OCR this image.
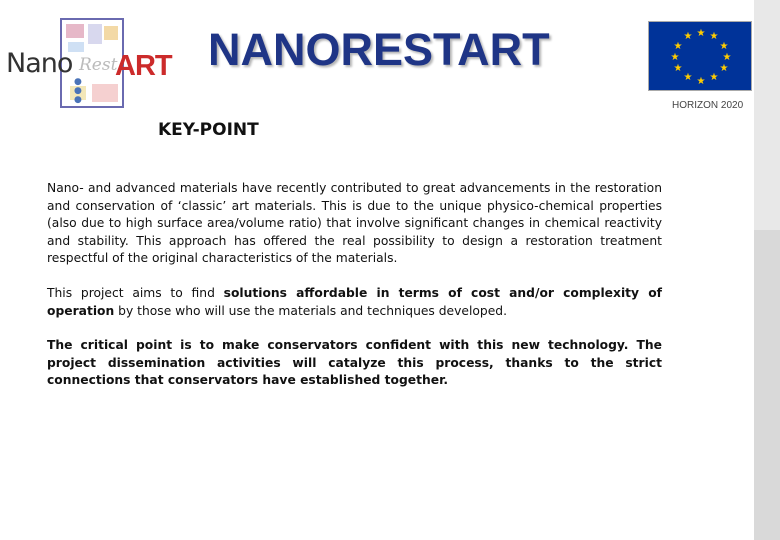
Nano Rest
ART
●
●
●
NANORESTART	★ ★
★
★
★
★
★
★
★
★
★
★
HORIZON 2020
KEY-POINT

Nano- and advanced materials have recently contributed to great advancements in the restoration and conservation of ‘classic’ art materials. This is due to the unique physico-chemical properties (also due to high surface area/volume ratio) that involve significant changes in chemical reactivity and stability. This approach has offered the real possibility to design a restoration treatment respectful of the original characteristics of the materials.

This project aims to find solutions affordable in terms of cost and/or complexity of operation by those who will use the materials and techniques developed.

The critical point is to make conservators confident with this new technology. The project dissemination activities will catalyze this process, thanks to the strict connections that conservators have established together.
